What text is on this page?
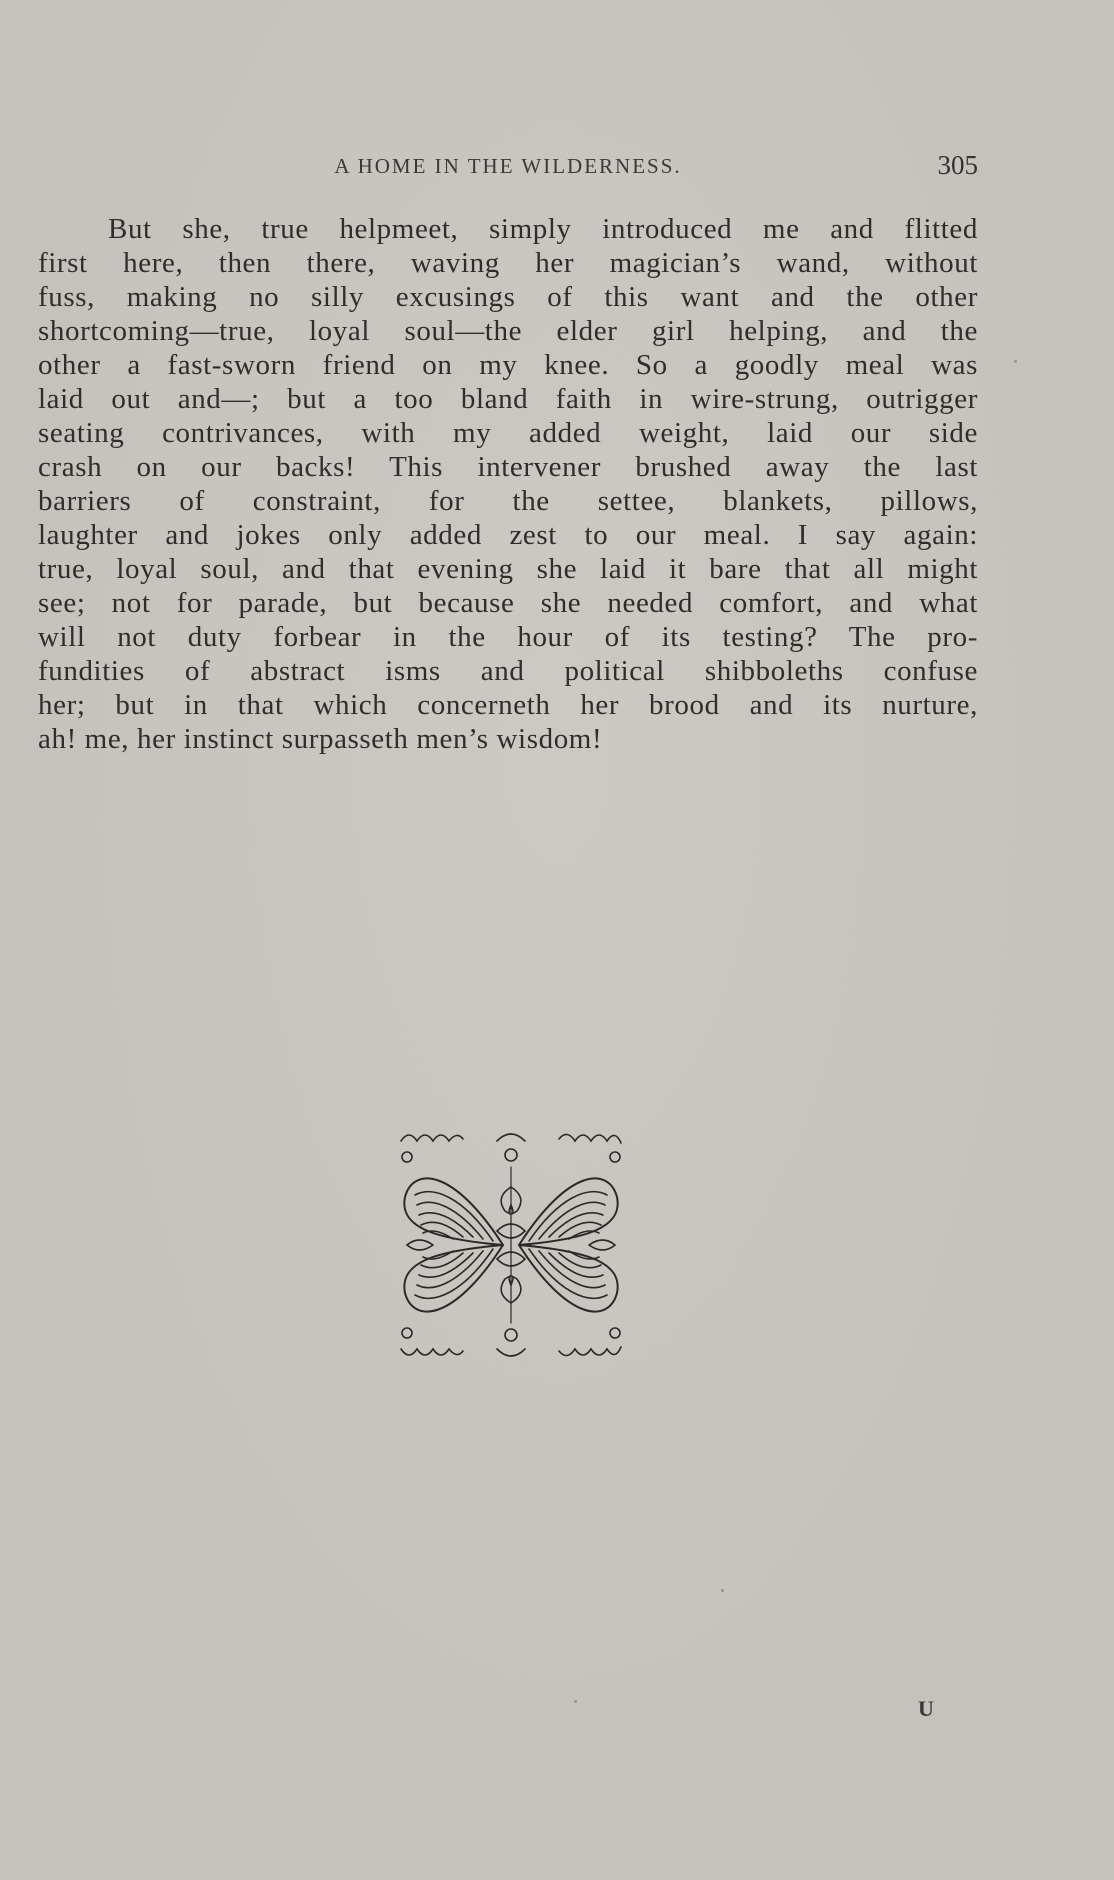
A HOME IN THE WILDERNESS.	305
But she, true helpmeet, simply introduced me and flitted
first here, then there, waving her magician’s wand, without
fuss, making no silly excusings of this want and the other
shortcoming—true, loyal soul—the elder girl helping, and the
other a fast-sworn friend on my knee. So a goodly meal was
laid out and—; but a too bland faith in wire-strung, outrigger
seating contrivances, with my added weight, laid our side
crash on our backs! This intervener brushed away the last
barriers of constraint, for the settee, blankets, pillows,
laughter and jokes only added zest to our meal. I say again:
true, loyal soul, and that evening she laid it bare that all might
see; not for parade, but because she needed comfort, and what
will not duty forbear in the hour of its testing? The pro-
fundities of abstract isms and political shibboleths confuse
her; but in that which concerneth her brood and its nurture,
ah! me, her instinct surpasseth men’s wisdom!
U
